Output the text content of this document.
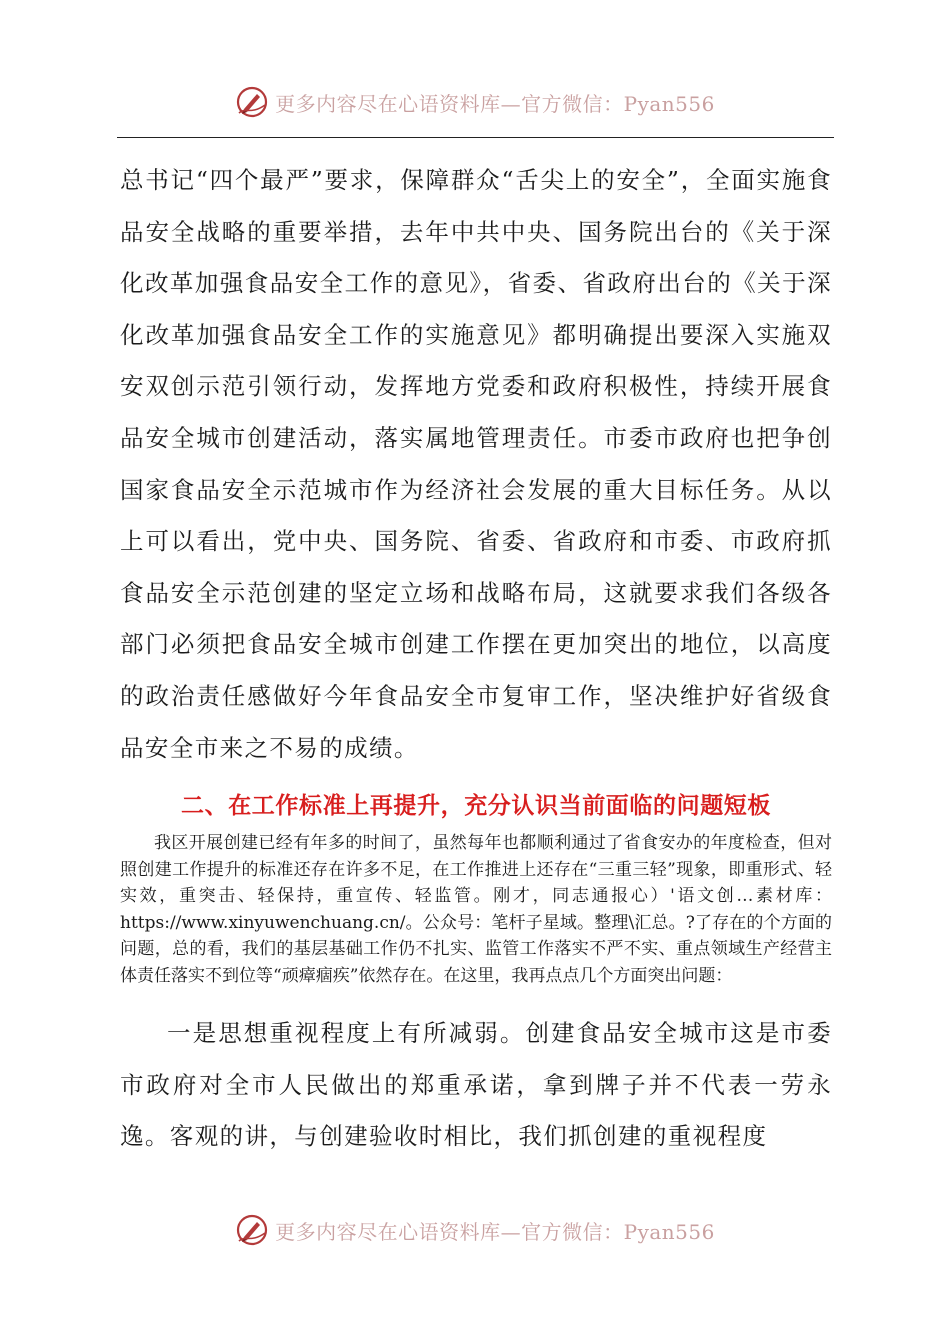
更多内容尽在心语资料库—官方微信：Pyan556

总书记“四个最严”要求，保障群众“舌尖上的安全”，全面实施食品安全战略的重要举措，去年中共中央、国务院出台的《关于深化改革加强食品安全工作的意见》，省委、省政府出台的《关于深化改革加强食品安全工作的实施意见》都明确提出要深入实施双安双创示范引领行动，发挥地方党委和政府积极性，持续开展食品安全城市创建活动，落实属地管理责任。市委市政府也把争创国家食品安全示范城市作为经济社会发展的重大目标任务。从以上可以看出，党中央、国务院、省委、省政府和市委、市政府抓食品安全示范创建的坚定立场和战略布局，这就要求我们各级各部门必须把食品安全城市创建工作摆在更加突出的地位，以高度的政治责任感做好今年食品安全市复审工作，坚决维护好省级食品安全市来之不易的成绩。

二、在工作标准上再提升，充分认识当前面临的问题短板

我区开展创建已经有年多的时间了，虽然每年也都顺利通过了省食安办的年度检查，但对照创建工作提升的标准还存在许多不足，在工作推进上还存在“三重三轻”现象，即重形式、轻实效，重突击、轻保持，重宣传、轻监管。刚才，同志通报心）'语文创…素材库：https://www.xinyuwenchuang.cn/。公众号：笔杆子星域。整理\汇总。?了存在的个方面的问题，总的看，我们的基层基础工作仍不扎实、监管工作落实不严不实、重点领域生产经营主体责任落实不到位等“顽瘴痼疾”依然存在。在这里，我再点点几个方面突出问题：

一是思想重视程度上有所减弱。创建食品安全城市这是市委市政府对全市人民做出的郑重承诺，拿到牌子并不代表一劳永逸。客观的讲，与创建验收时相比，我们抓创建的重视程度

更多内容尽在心语资料库—官方微信：Pyan556
